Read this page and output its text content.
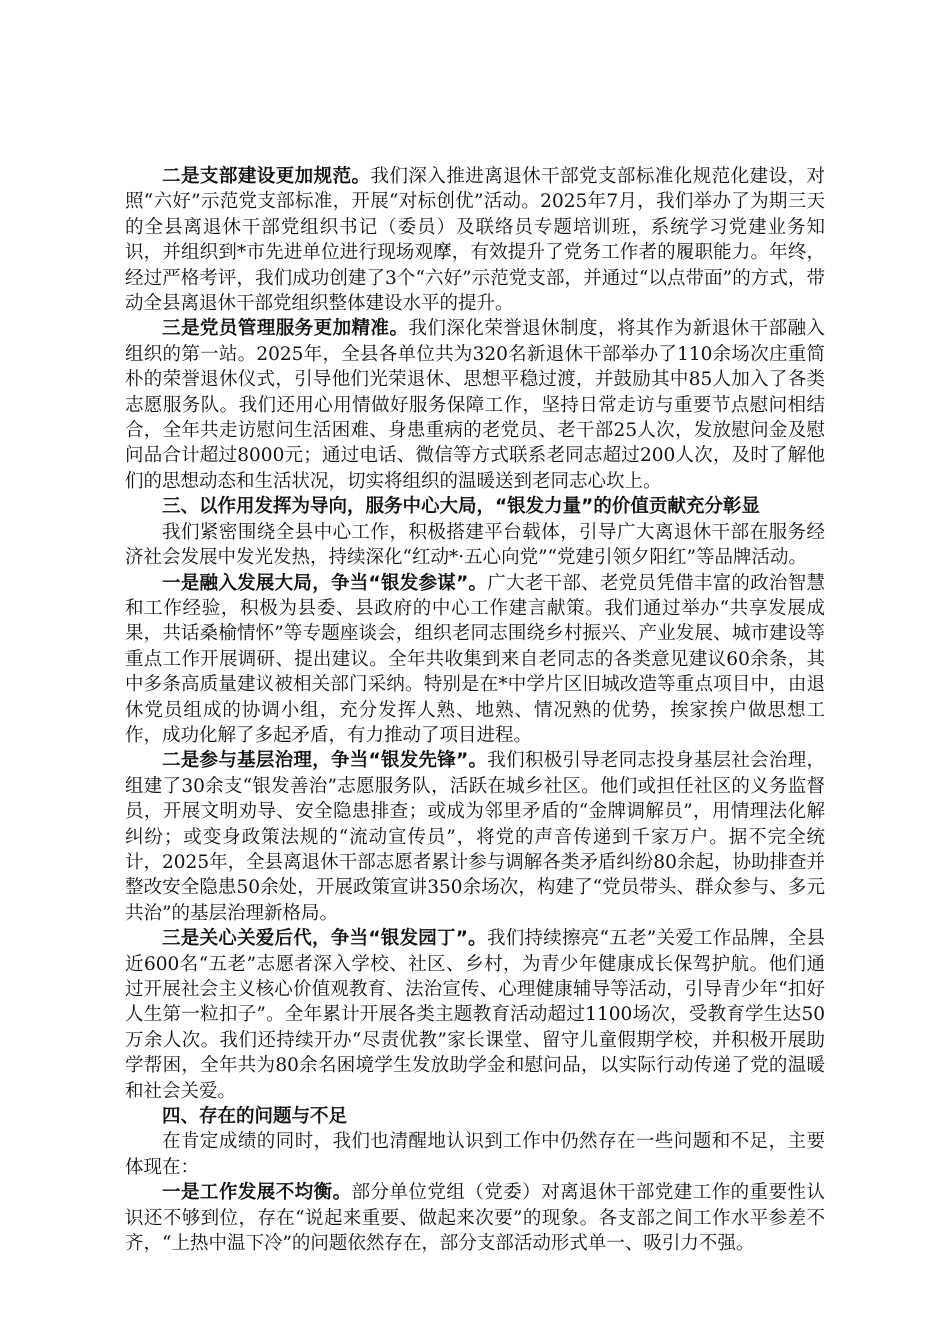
二是支部建设更加规范。我们深入推进离退休干部党支部标准化规范化建设，对照“六好”示范党支部标准，开展“对标创优”活动。2025年7月，我们举办了为期三天的全县离退休干部党组织书记（委员）及联络员专题培训班，系统学习党建业务知识，并组织到*市先进单位进行现场观摩，有效提升了党务工作者的履职能力。年终，经过严格考评，我们成功创建了3个“六好”示范党支部，并通过“以点带面”的方式，带动全县离退休干部党组织整体建设水平的提升。

三是党员管理服务更加精准。我们深化荣誉退休制度，将其作为新退休干部融入组织的第一站。2025年，全县各单位共为320名新退休干部举办了110余场次庄重简朴的荣誉退休仪式，引导他们光荣退休、思想平稳过渡，并鼓励其中85人加入了各类志愿服务队。我们还用心用情做好服务保障工作，坚持日常走访与重要节点慰问相结合，全年共走访慰问生活困难、身患重病的老党员、老干部25人次，发放慰问金及慰问品合计超过8000元；通过电话、微信等方式联系老同志超过200人次，及时了解他们的思想动态和生活状况，切实将组织的温暖送到老同志心坎上。

三、以作用发挥为导向，服务中心大局，“银发力量”的价值贡献充分彰显

我们紧密围绕全县中心工作，积极搭建平台载体，引导广大离退休干部在服务经济社会发展中发光发热，持续深化“红动*·五心向党”“党建引领夕阳红”等品牌活动。

一是融入发展大局，争当“银发参谋”。广大老干部、老党员凭借丰富的政治智慧和工作经验，积极为县委、县政府的中心工作建言献策。我们通过举办“共享发展成果，共话桑榆情怀”等专题座谈会，组织老同志围绕乡村振兴、产业发展、城市建设等重点工作开展调研、提出建议。全年共收集到来自老同志的各类意见建议60余条，其中多条高质量建议被相关部门采纳。特别是在*中学片区旧城改造等重点项目中，由退休党员组成的协调小组，充分发挥人熟、地熟、情况熟的优势，挨家挨户做思想工作，成功化解了多起矛盾，有力推动了项目进程。

二是参与基层治理，争当“银发先锋”。我们积极引导老同志投身基层社会治理，组建了30余支“银发善治”志愿服务队，活跃在城乡社区。他们或担任社区的义务监督员，开展文明劝导、安全隐患排查；或成为邻里矛盾的“金牌调解员”，用情理法化解纠纷；或变身政策法规的“流动宣传员”，将党的声音传递到千家万户。据不完全统计，2025年，全县离退休干部志愿者累计参与调解各类矛盾纠纷80余起，协助排查并整改安全隐患50余处，开展政策宣讲350余场次，构建了“党员带头、群众参与、多元共治”的基层治理新格局。

三是关心关爱后代，争当“银发园丁”。我们持续擦亮“五老”关爱工作品牌，全县近600名“五老”志愿者深入学校、社区、乡村，为青少年健康成长保驾护航。他们通过开展社会主义核心价值观教育、法治宣传、心理健康辅导等活动，引导青少年“扣好人生第一粒扣子”。全年累计开展各类主题教育活动超过1100场次，受教育学生达50万余人次。我们还持续开办“尽责优教”家长课堂、留守儿童假期学校，并积极开展助学帮困，全年共为80余名困境学生发放助学金和慰问品，以实际行动传递了党的温暖和社会关爱。

四、存在的问题与不足

在肯定成绩的同时，我们也清醒地认识到工作中仍然存在一些问题和不足，主要体现在：

一是工作发展不均衡。部分单位党组（党委）对离退休干部党建工作的重要性认识还不够到位，存在“说起来重要、做起来次要”的现象。各支部之间工作水平参差不齐，“上热中温下冷”的问题依然存在，部分支部活动形式单一、吸引力不强。
